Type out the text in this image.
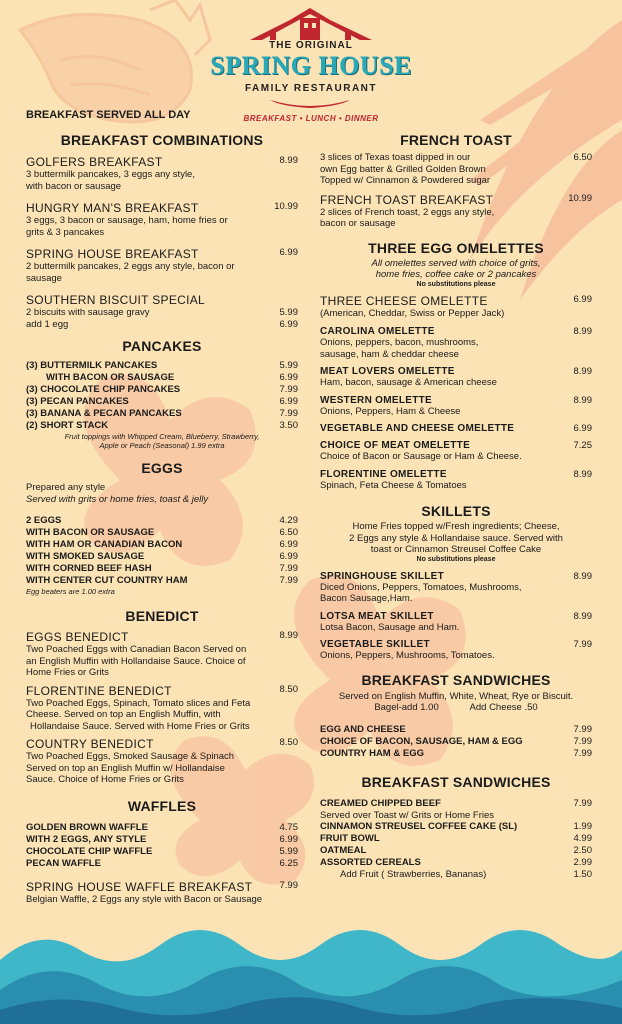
THE ORIGINAL
SPRING HOUSE
FAMILY RESTAURANT
BREAKFAST • LUNCH • DINNER
BREAKFAST SERVED ALL DAY
BREAKFAST COMBINATIONS
GOLFERS BREAKFAST	8.99
3 buttermilk pancakes, 3 eggs any style,
with bacon or sausage
HUNGRY MAN'S BREAKFAST	10.99
3 eggs, 3 bacon or sausage, ham, home fries or
grits & 3 pancakes
SPRING HOUSE BREAKFAST	6.99
2 buttermilk pancakes, 2 eggs any style, bacon or
sausage
SOUTHERN BISCUIT SPECIAL
2 biscuits with sausage gravy	5.99
add 1 egg	6.99
PANCAKES
(3) BUTTERMILK PANCAKES	5.99
WITH BACON OR SAUSAGE	6.99
(3) CHOCOLATE CHIP PANCAKES	7.99
(3) PECAN PANCAKES	6.99
(3) BANANA & PECAN PANCAKES	7.99
(2) SHORT STACK	3.50
Fruit toppings with Whipped Cream, Blueberry, Strawberry,
Apple or Peach (Seasonal) 1.99 extra
EGGS
Prepared any style
Served with grits or home fries, toast & jelly
2 EGGS	4.29
WITH BACON OR SAUSAGE	6.50
WITH HAM OR CANADIAN BACON	6.99
WITH SMOKED SAUSAGE	6.99
WITH CORNED BEEF HASH	7.99
WITH CENTER CUT COUNTRY HAM	7.99
Egg beaters are 1.00 extra
BENEDICT
EGGS BENEDICT	8.99
Two Poached Eggs with Canadian Bacon Served on
an English Muffin with Hollandaise Sauce. Choice of
Home Fries or Grits
FLORENTINE BENEDICT	8.50
Two Poached Eggs, Spinach, Tomato slices and Feta
Cheese. Served on top an English Muffin, with
Hollandaise Sauce. Served with Home Fries or Grits
COUNTRY BENEDICT	8.50
Two Poached Eggs, Smoked Sausage & Spinach
Served on top an English Muffin w/ Hollandaise
Sauce. Choice of Home Fries or Grits
WAFFLES
GOLDEN BROWN WAFFLE	4.75
WITH 2 EGGS, ANY STYLE	6.99
CHOCOLATE CHIP WAFFLE	5.99
PECAN WAFFLE	6.25
SPRING HOUSE WAFFLE BREAKFAST	7.99
Belgian Waffle, 2 Eggs any style with Bacon or Sausage
FRENCH TOAST
3 slices of Texas toast dipped in our	6.50
own Egg batter & Grilled Golden Brown
Topped w/ Cinnamon & Powdered sugar
FRENCH TOAST BREAKFAST	10.99
2 slices of French toast, 2 eggs any style,
bacon or sausage
THREE EGG OMELETTES
All omelettes served with choice of grits,
home fries, coffee cake or 2 pancakes
No substitutions please
THREE CHEESE OMELETTE	6.99
(American, Cheddar, Swiss or Pepper Jack)
CAROLINA OMELETTE	8.99
Onions, peppers, bacon, mushrooms,
sausage, ham & cheddar cheese
MEAT LOVERS OMELETTE	8.99
Ham, bacon, sausage & American cheese
WESTERN OMELETTE	8.99
Onions, Peppers, Ham & Cheese
VEGETABLE AND CHEESE OMELETTE	6.99
CHOICE OF MEAT OMELETTE	7.25
Choice of Bacon or Sausage or Ham & Cheese.
FLORENTINE OMELETTE	8.99
Spinach, Feta Cheese & Tomatoes
SKILLETS
Home Fries topped w/Fresh ingredients; Cheese,
2 Eggs any style & Hollandaise sauce. Served with
toast or Cinnamon Streusel Coffee Cake
No substitutions please
SPRINGHOUSE SKILLET	8.99
Diced Onions, Peppers, Tomatoes, Mushrooms,
Bacon Sausage,Ham.
LOTSA MEAT SKILLET	8.99
Lotsa Bacon, Sausage and Ham.
VEGETABLE SKILLET	7.99
Onions, Peppers, Mushrooms, Tomatoes.
BREAKFAST SANDWICHES
Served on English Muffin, White, Wheat, Rye or Biscuit.
Bagel-add 1.00	Add Cheese .50
EGG AND CHEESE	7.99
CHOICE OF BACON, SAUSAGE, HAM & EGG	7.99
COUNTRY HAM & EGG	7.99
BREAKFAST SANDWICHES
CREAMED CHIPPED BEEF	7.99
Served over Toast w/ Grits or Home Fries
CINNAMON STREUSEL COFFEE CAKE (SL)	1.99
FRUIT BOWL	4.99
OATMEAL	2.50
ASSORTED CEREALS	2.99
Add Fruit ( Strawberries, Bananas)	1.50
